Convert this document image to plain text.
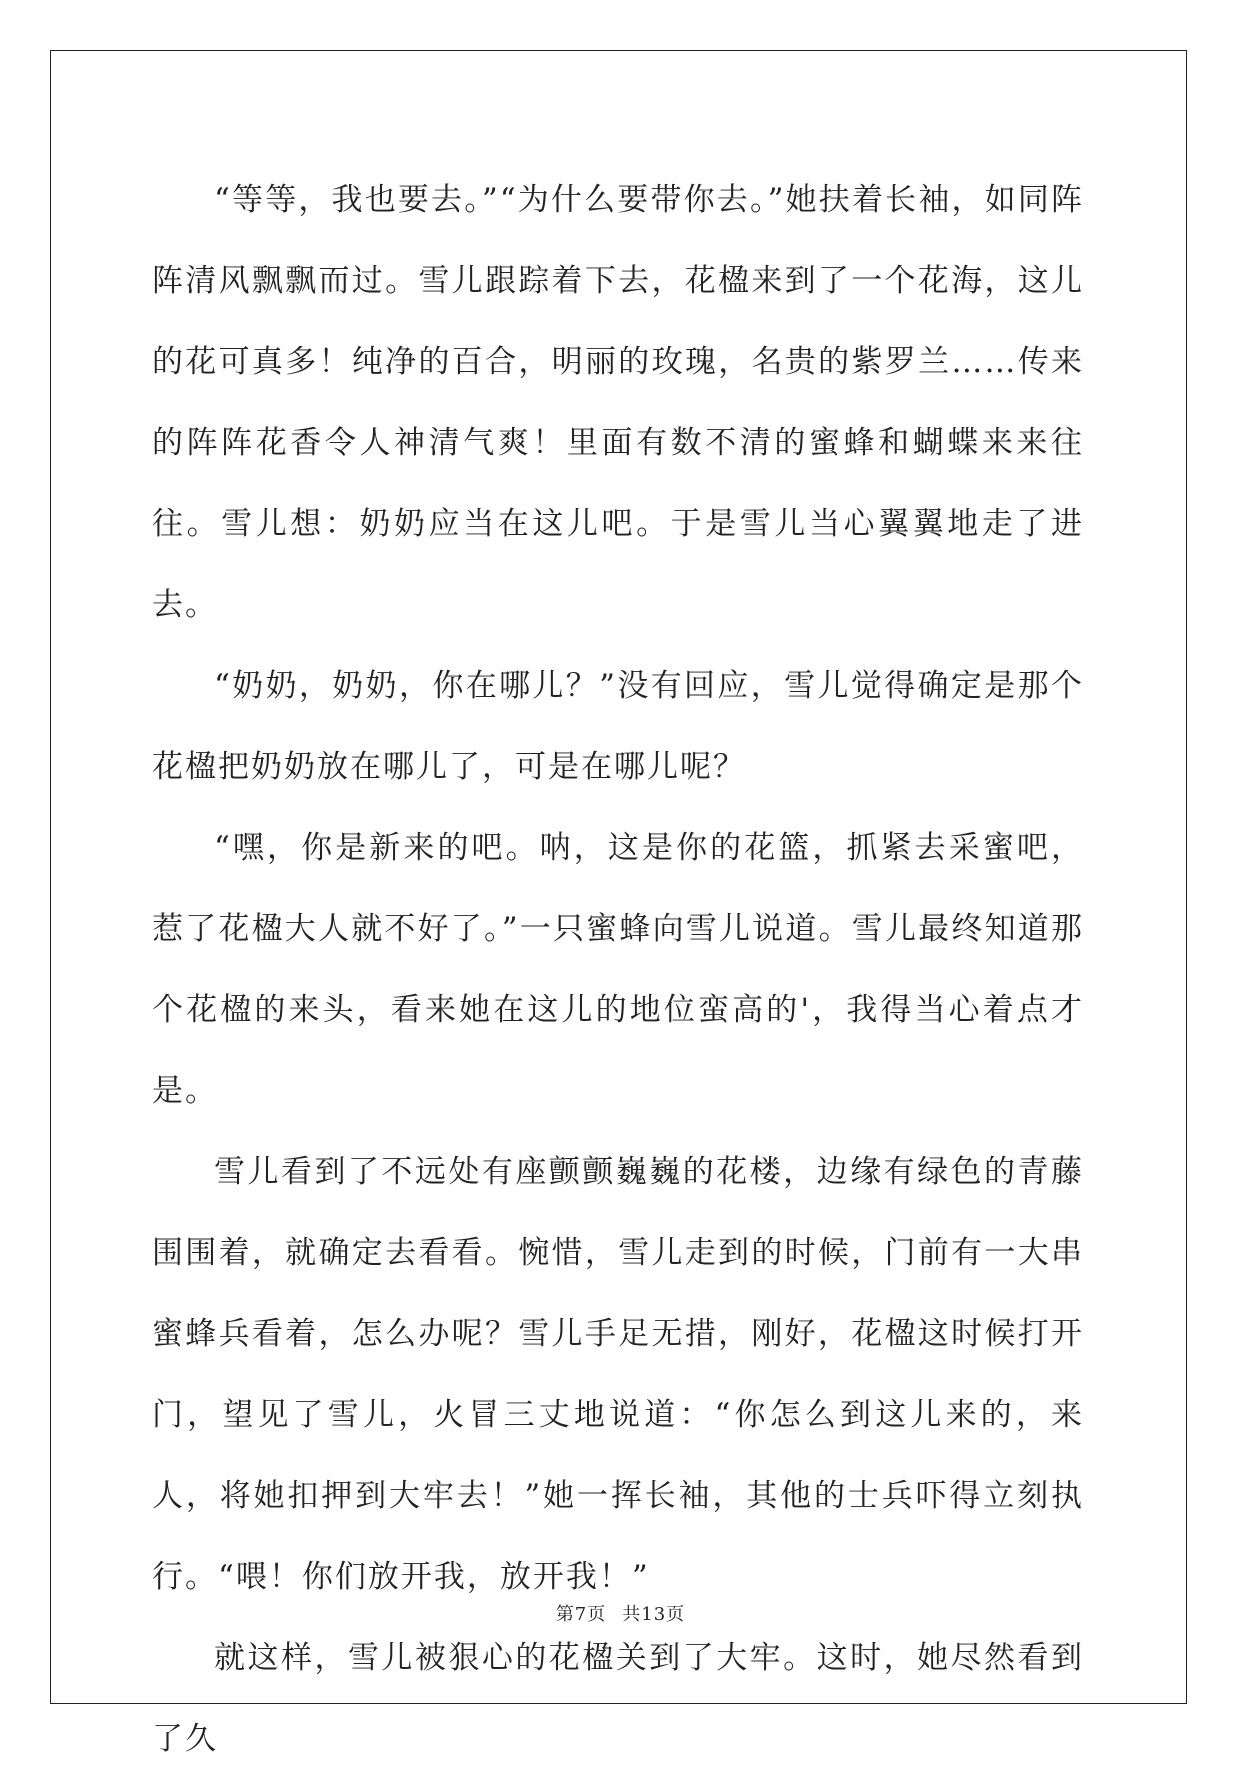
“等等，我也要去。”“为什么要带你去。”她扶着长袖，如同阵阵清风飘飘而过。雪儿跟踪着下去，花楹来到了一个花海，这儿的花可真多！纯净的百合，明丽的玫瑰，名贵的紫罗兰……传来的阵阵花香令人神清气爽！里面有数不清的蜜蜂和蝴蝶来来往往。雪儿想：奶奶应当在这儿吧。于是雪儿当心翼翼地走了进去。

“奶奶，奶奶，你在哪儿？”没有回应，雪儿觉得确定是那个花楹把奶奶放在哪儿了，可是在哪儿呢？

“嘿，你是新来的吧。呐，这是你的花篮，抓紧去采蜜吧，惹了花楹大人就不好了。”一只蜜蜂向雪儿说道。雪儿最终知道那个花楹的来头，看来她在这儿的地位蛮高的'，我得当心着点才是。

雪儿看到了不远处有座颤颤巍巍的花楼，边缘有绿色的青藤围围着，就确定去看看。惋惜，雪儿走到的时候，门前有一大串蜜蜂兵看着，怎么办呢？雪儿手足无措，刚好，花楹这时候打开门，望见了雪儿，火冒三丈地说道：“你怎么到这儿来的，来人，将她扣押到大牢去！”她一挥长袖，其他的士兵吓得立刻执行。“喂！你们放开我，放开我！”

就这样，雪儿被狠心的花楹关到了大牢。这时，她尽然看到了久

第7页 共13页
